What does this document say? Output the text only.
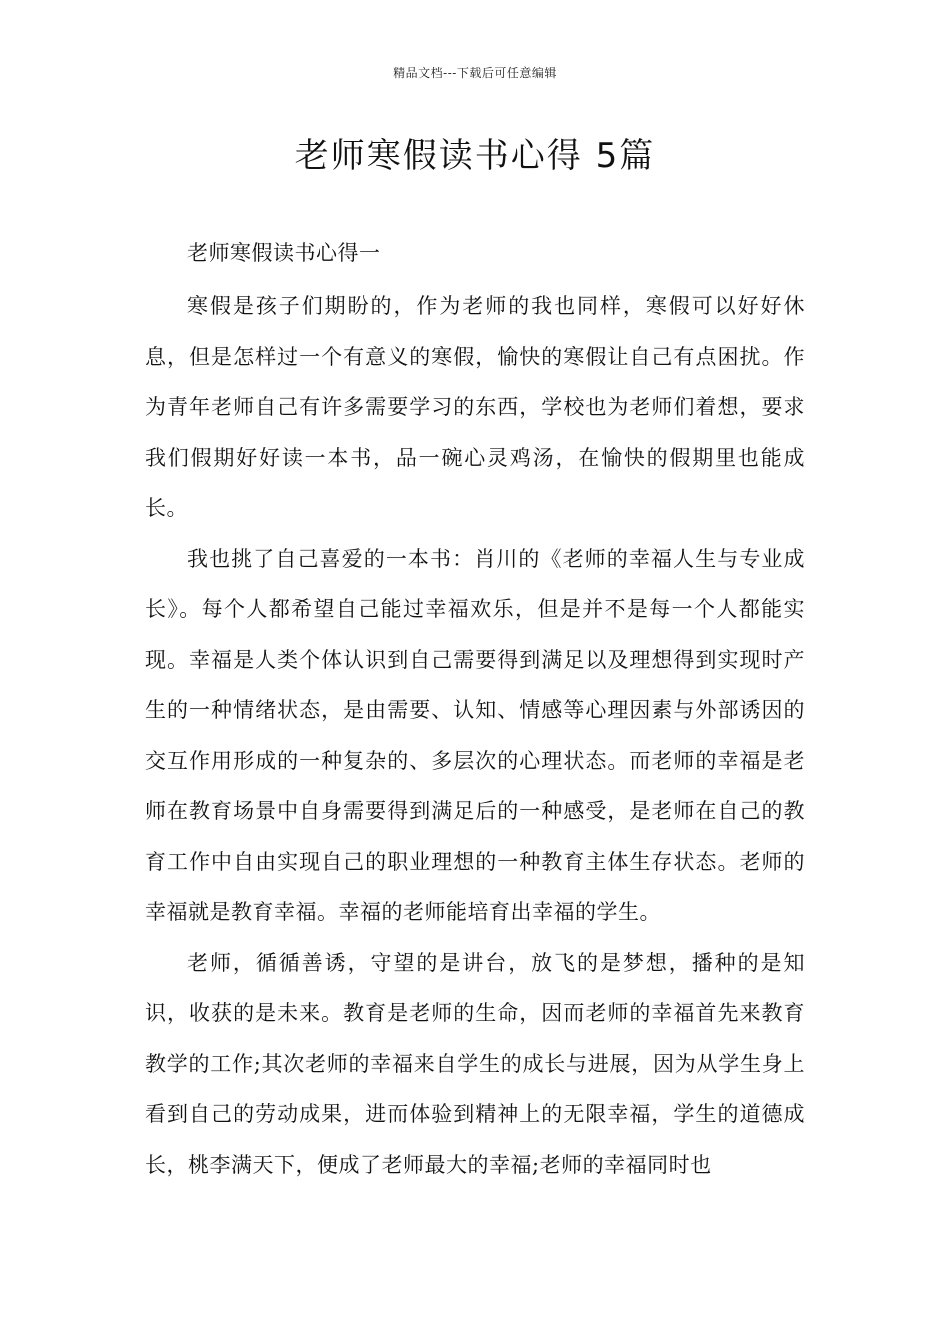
精品文档---下载后可任意编辑
老师寒假读书心得 5篇
老师寒假读书心得一

寒假是孩子们期盼的，作为老师的我也同样，寒假可以好好休息，但是怎样过一个有意义的寒假，愉快的寒假让自己有点困扰。作为青年老师自己有许多需要学习的东西，学校也为老师们着想，要求我们假期好好读一本书，品一碗心灵鸡汤，在愉快的假期里也能成长。

我也挑了自己喜爱的一本书：肖川的《老师的幸福人生与专业成长》。每个人都希望自己能过幸福欢乐，但是并不是每一个人都能实现。幸福是人类个体认识到自己需要得到满足以及理想得到实现时产生的一种情绪状态，是由需要、认知、情感等心理因素与外部诱因的交互作用形成的一种复杂的、多层次的心理状态。而老师的幸福是老师在教育场景中自身需要得到满足后的一种感受，是老师在自己的教育工作中自由实现自己的职业理想的一种教育主体生存状态。老师的幸福就是教育幸福。幸福的老师能培育出幸福的学生。

老师，循循善诱，守望的是讲台，放飞的是梦想，播种的是知识，收获的是未来。教育是老师的生命，因而老师的幸福首先来教育教学的工作;其次老师的幸福来自学生的成长与进展，因为从学生身上看到自己的劳动成果，进而体验到精神上的无限幸福，学生的道德成长，桃李满天下，便成了老师最大的幸福;老师的幸福同时也
